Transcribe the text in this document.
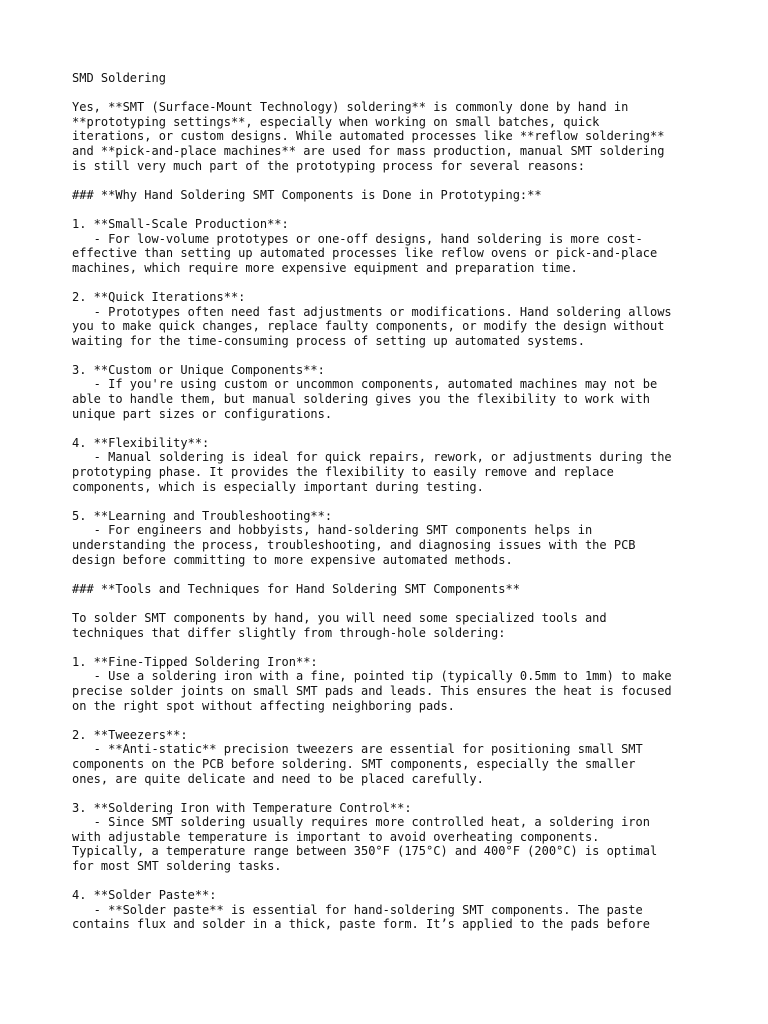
SMD Soldering
Yes, **SMT (Surface-Mount Technology) soldering** is commonly done by hand in
**prototyping settings**, especially when working on small batches, quick
iterations, or custom designs. While automated processes like **reflow soldering**
and **pick-and-place machines** are used for mass production, manual SMT soldering
is still very much part of the prototyping process for several reasons:
### **Why Hand Soldering SMT Components is Done in Prototyping:**
1. **Small-Scale Production**:
- For low-volume prototypes or one-off designs, hand soldering is more cost-
effective than setting up automated processes like reflow ovens or pick-and-place
machines, which require more expensive equipment and preparation time.
2. **Quick Iterations**:
- Prototypes often need fast adjustments or modifications. Hand soldering allows
you to make quick changes, replace faulty components, or modify the design without
waiting for the time-consuming process of setting up automated systems.
3. **Custom or Unique Components**:
- If you're using custom or uncommon components, automated machines may not be
able to handle them, but manual soldering gives you the flexibility to work with
unique part sizes or configurations.
4. **Flexibility**:
- Manual soldering is ideal for quick repairs, rework, or adjustments during the
prototyping phase. It provides the flexibility to easily remove and replace
components, which is especially important during testing.
5. **Learning and Troubleshooting**:
- For engineers and hobbyists, hand-soldering SMT components helps in
understanding the process, troubleshooting, and diagnosing issues with the PCB
design before committing to more expensive automated methods.
### **Tools and Techniques for Hand Soldering SMT Components**
To solder SMT components by hand, you will need some specialized tools and
techniques that differ slightly from through-hole soldering:
1. **Fine-Tipped Soldering Iron**:
- Use a soldering iron with a fine, pointed tip (typically 0.5mm to 1mm) to make
precise solder joints on small SMT pads and leads. This ensures the heat is focused
on the right spot without affecting neighboring pads.
2. **Tweezers**:
- **Anti-static** precision tweezers are essential for positioning small SMT
components on the PCB before soldering. SMT components, especially the smaller
ones, are quite delicate and need to be placed carefully.
3. **Soldering Iron with Temperature Control**:
- Since SMT soldering usually requires more controlled heat, a soldering iron
with adjustable temperature is important to avoid overheating components.
Typically, a temperature range between 350°F (175°C) and 400°F (200°C) is optimal
for most SMT soldering tasks.
4. **Solder Paste**:
- **Solder paste** is essential for hand-soldering SMT components. The paste
contains flux and solder in a thick, paste form. It’s applied to the pads before
